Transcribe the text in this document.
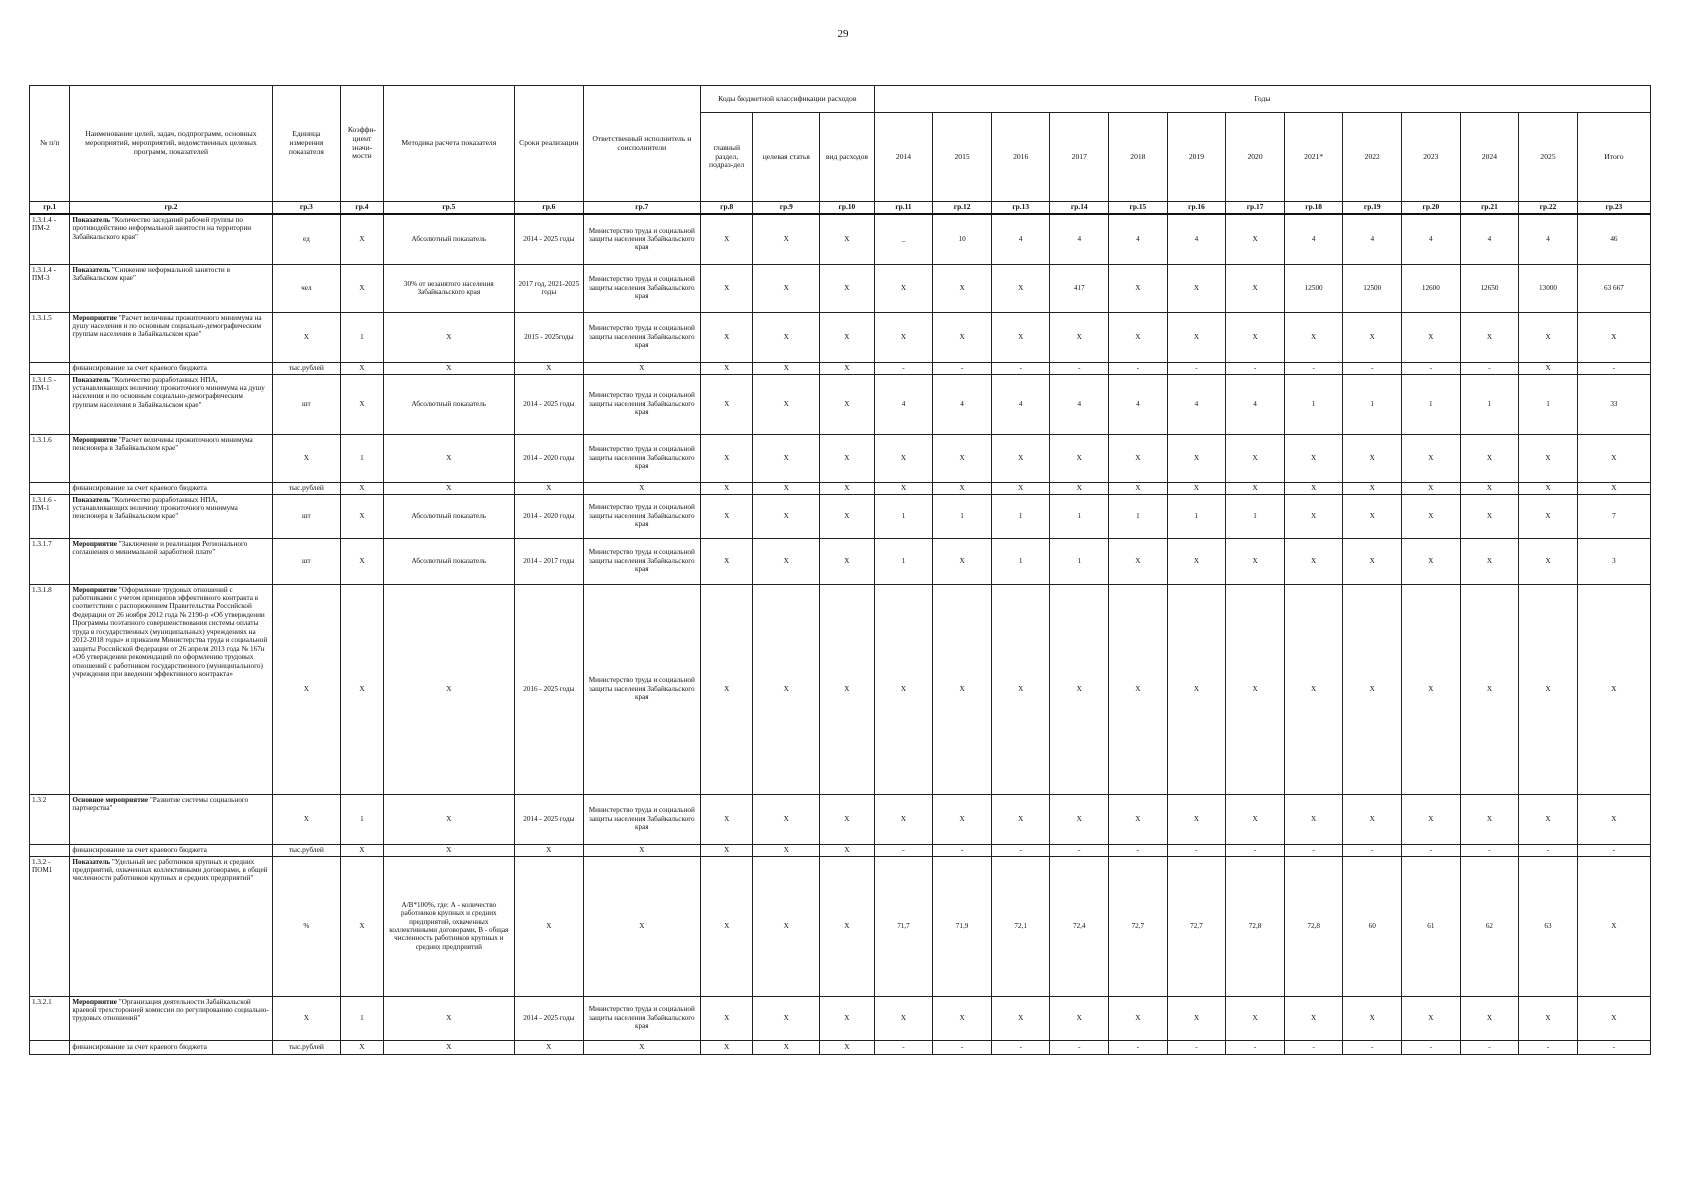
29
№ п/п	Наименование целей, задач, подпрограмм, основных мероприятий, мероприятий, ведомственных целевых программ, показателей	Единица измерения показателя	Коэффи-циент значи-мости	Методика расчета показателя	Сроки реализации	Ответственный исполнитель и соисполнители	Коды бюджетной классификации расходов			Годы												
							главный раздел, подраз-дел	целевая статья	вид расходов	2014	2015	2016	2017	2018	2019	2020	2021*	2022	2023	2024	2025	Итого
гр.1	гр.2	гр.3	гр.4	гр.5	гр.6	гр.7	гр.8	гр.9	гр.10	гр.11	гр.12	гр.13	гр.14	гр.15	гр.16	гр.17	гр.18	гр.19	гр.20	гр.21	гр.22	гр.23
1.3.1.4 - ПМ-2	Показатель "Количество заседаний рабочей группы по противодействию неформальной занятости на территории Забайкальского края"	ед	Х	Абсолютный показатель	2014 - 2025 годы	Министерство труда и социальной защиты населения Забайкальского края	Х	Х	Х	_	10	4	4	4	4	Х	4	4	4	4	4	46
1.3.1.4 - ПМ-3	Показатель "Снижение неформальной занятости в Забайкальском крае"	чел	Х	30% от незанятого населения Забайкальского края	2017 год, 2021-2025 годы	Министерство труда и социальной защиты населения Забайкальского края	Х	Х	Х	Х	Х	Х	417	Х	Х	Х	12500	12500	12600	12650	13000	63 667
1.3.1.5	Мероприятие "Расчет величины прожиточного минимума на душу населения и по основным социально-демографическим группам населения в Забайкальском крае"	Х	1	Х	2015 - 2025годы	Министерство труда и социальной защиты населения Забайкальского края	Х	Х	Х	Х	Х	Х	Х	Х	Х	Х	Х	Х	Х	Х	Х	Х
	финансирование за счет краевого бюджета	тыс.рублей	Х	Х	Х	Х	Х	Х	Х	-	-	-	-	-	-	-	-	-	-	-	Х	-
1.3.1.5 - ПМ-1	Показатель "Количество разработанных НПА, устанавливающих величину прожиточного минимума на душу населения и по основным социально-демографическим группам населения в Забайкальском крае"	шт	Х	Абсолютный показатель	2014 - 2025 годы	Министерство труда и социальной защиты населения Забайкальского края	Х	Х	Х	4	4	4	4	4	4	4	1	1	1	1	1	33
1.3.1.6	Мероприятие "Расчет величины прожиточного минимума пенсионера в Забайкальском крае"	Х	1	Х	2014 - 2020 годы	Министерство труда и социальной защиты населения Забайкальского края	Х	Х	Х	Х	Х	Х	Х	Х	Х	Х	Х	Х	Х	Х	Х	Х
	финансирование за счет краевого бюджета	тыс.рублей	Х	Х	Х	Х	Х	Х	Х	Х	Х	Х	Х	Х	Х	Х	Х	Х	Х	Х	Х	Х
1.3.1.6 - ПМ-1	Показатель "Количество разработанных НПА, устанавливающих величину прожиточного минимума пенсионера в Забайкальском крае"	шт	Х	Абсолютный показатель	2014 - 2020 годы	Министерство труда и социальной защиты населения Забайкальского края	Х	Х	Х	1	1	1	1	1	1	1	Х	Х	Х	Х	Х	7
1.3.1.7	Мероприятие "Заключение и реализация Регионального соглашения о минимальной заработной плате"	шт	Х	Абсолютный показатель	2014 - 2017 годы	Министерство труда и социальной защиты населения Забайкальского края	Х	Х	Х	1	Х	1	1	Х	Х	Х	Х	Х	Х	Х	Х	3
1.3.1.8	Мероприятие "Оформление трудовых отношений с работниками с учетом принципов эффективного контракта в соответствии с распоряжением Правительства Российской Федерации от 26 ноября 2012 года № 2190-р «Об утверждении Программы поэтапного совершенствования системы оплаты труда в государственных (муниципальных) учреждениях на 2012-2018 годы» и приказом Министерства труда и социальной защиты Российской Федерации от 26 апреля 2013 года № 167н «Об утверждении рекомендаций по оформлению трудовых отношений с работником государственного (муниципального) учреждения при введении эффективного контракта»	Х	Х	Х	2016 - 2025 годы	Министерство труда и социальной защиты населения Забайкальского края	Х	Х	Х	Х	Х	Х	Х	Х	Х	Х	Х	Х	Х	Х	Х	Х
1.3.2	Основное мероприятие "Развитие системы социального партнерства"	Х	1	Х	2014 - 2025 годы	Министерство труда и социальной защиты населения Забайкальского края	Х	Х	Х	Х	Х	Х	Х	Х	Х	Х	Х	Х	Х	Х	Х	Х
	финансирование за счет краевого бюджета	тыс.рублей	Х	Х	Х	Х	Х	Х	Х	-	-	-	-	-	-	-	-	-	-	-	-	-
1.3.2 - ПОМ1	Показатель "Удельный вес работников крупных и средних предприятий, охваченных коллективными договорами, в общей численности работников крупных и средних предприятий"	%	Х	А/В*100%, где: А - количество работников крупных и средних предприятий, охваченных коллективными договорами, В - общая численность работников крупных и средних предприятий	Х	Х	Х	Х	Х	71,7	71,9	72,1	72,4	72,7	72,7	72,8	72,8	60	61	62	63	Х
1.3.2.1	Мероприятие "Организация деятельности Забайкальской краевой трехсторонней комиссии по регулированию социально-трудовых отношений"	Х	1	Х	2014 - 2025 годы	Министерство труда и социальной защиты населения Забайкальского края	Х	Х	Х	Х	Х	Х	Х	Х	Х	Х	Х	Х	Х	Х	Х	Х
	финансирование за счет краевого бюджета	тыс.рублей	Х	Х	Х	Х	Х	Х	Х	-	-	-	-	-	-	-	-	-	-	-	-	-
